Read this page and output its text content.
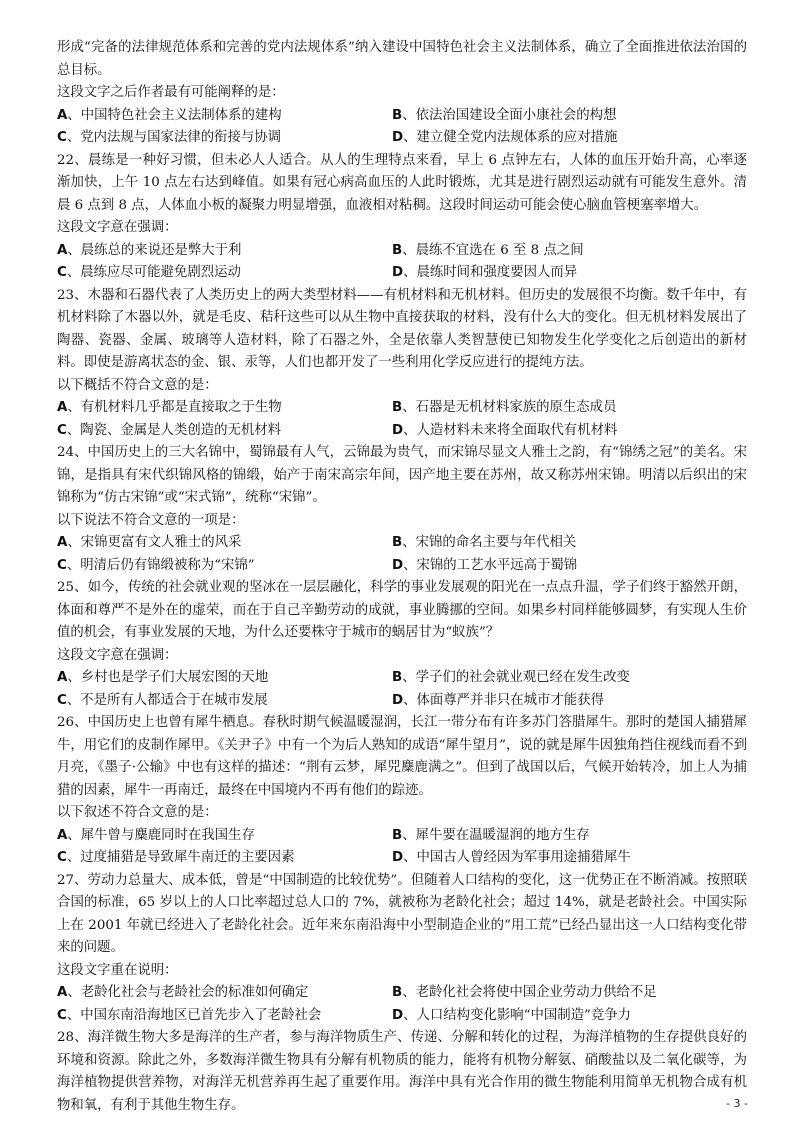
形成“完备的法律规范体系和完善的党内法规体系”纳入建设中国特色社会主义法制体系，确立了全面推进依法治国的总目标。

这段文字之后作者最有可能阐释的是：

A、中国特色社会主义法制体系的建构	B、依法治国建设全面小康社会的构想
C、党内法规与国家法律的衔接与协调	D、建立健全党内法规体系的应对措施

22、晨练是一种好习惯，但未必人人适合。从人的生理特点来看，早上 6 点钟左右，人体的血压开始升高，心率逐渐加快，上午 10 点左右达到峰值。如果有冠心病高血压的人此时锻炼，尤其是进行剧烈运动就有可能发生意外。清晨 6 点到 8 点，人体血小板的凝聚力明显增强，血液相对粘稠。这段时间运动可能会使心脑血管梗塞率增大。

这段文字意在强调：

A、晨练总的来说还是弊大于利	B、晨练不宜选在 6 至 8 点之间
C、晨练应尽可能避免剧烈运动	D、晨练时间和强度要因人而异

23、木器和石器代表了人类历史上的两大类型材料——有机材料和无机材料。但历史的发展很不均衡。数千年中，有机材料除了木器以外，就是毛皮、秸秆这些可以从生物中直接获取的材料，没有什么大的变化。但无机材料发展出了陶器、瓷器、金属、玻璃等人造材料，除了石器之外，全是依靠人类智慧使已知物发生化学变化之后创造出的新材料。即使是游离状态的金、银、汞等，人们也都开发了一些利用化学反应进行的提纯方法。

以下概括不符合文意的是：

A、有机材料几乎都是直接取之于生物	B、石器是无机材料家族的原生态成员
C、陶瓷、金属是人类创造的无机材料	D、人造材料未来将全面取代有机材料

24、中国历史上的三大名锦中，蜀锦最有人气，云锦最为贵气，而宋锦尽显文人雅士之韵，有“锦绣之冠”的美名。宋锦，是指具有宋代织锦风格的锦缎，始产于南宋高宗年间，因产地主要在苏州，故又称苏州宋锦。明清以后织出的宋锦称为“仿古宋锦”或“宋式锦”，统称“宋锦”。

以下说法不符合文意的一项是：

A、宋锦更富有文人雅士的风采	B、宋锦的命名主要与年代相关
C、明清后仍有锦缎被称为“宋锦”	D、宋锦的工艺水平远高于蜀锦

25、如今，传统的社会就业观的坚冰在一层层融化，科学的事业发展观的阳光在一点点升温，学子们终于豁然开朗，体面和尊严不是外在的虚荣，而在于自己辛勤劳动的成就，事业腾挪的空间。如果乡村同样能够圆梦，有实现人生价值的机会，有事业发展的天地，为什么还要株守于城市的蜗居甘为“蚁族”？

这段文字意在强调：

A、乡村也是学子们大展宏图的天地	B、学子们的社会就业观已经在发生改变
C、不是所有人都适合于在城市发展	D、体面尊严并非只在城市才能获得

26、中国历史上也曾有犀牛栖息。春秋时期气候温暖湿润，长江一带分布有许多苏门答腊犀牛。那时的楚国人捕猎犀牛，用它们的皮制作犀甲。《关尹子》中有一个为后人熟知的成语“犀牛望月”，说的就是犀牛因独角挡住视线而看不到月亮，《墨子·公输》中也有这样的描述：“荆有云梦，犀兕麋鹿满之”。但到了战国以后，气候开始转冷，加上人为捕猎的因素，犀牛一再南迁，最终在中国境内不再有他们的踪迹。

以下叙述不符合文意的是：

A、犀牛曾与麋鹿同时在我国生存	B、犀牛要在温暖湿润的地方生存
C、过度捕猎是导致犀牛南迁的主要因素	D、中国古人曾经因为军事用途捕猎犀牛

27、劳动力总量大、成本低，曾是“中国制造的比较优势”。但随着人口结构的变化，这一优势正在不断消减。按照联合国的标准，65 岁以上的人口比率超过总人口的 7%，就被称为老龄化社会；超过 14%，就是老龄社会。中国实际上在 2001 年就已经进入了老龄化社会。近年来东南沿海中小型制造企业的“用工荒”已经凸显出这一人口结构变化带来的问题。

这段文字重在说明：

A、老龄化社会与老龄社会的标准如何确定	B、老龄化社会将使中国企业劳动力供给不足
C、中国东南沿海地区已首先步入了老龄社会	D、人口结构变化影响“中国制造”竞争力

28、海洋微生物大多是海洋的生产者，参与海洋物质生产、传递、分解和转化的过程，为海洋植物的生存提供良好的环境和资源。除此之外，多数海洋微生物具有分解有机物质的能力，能将有机物分解氨、硝酸盐以及二氧化碳等，为海洋植物提供营养物，对海洋无机营养再生起了重要作用。海洋中具有光合作用的微生物能利用简单无机物合成有机物和氧，有利于其他生物生存。	- 3 -
